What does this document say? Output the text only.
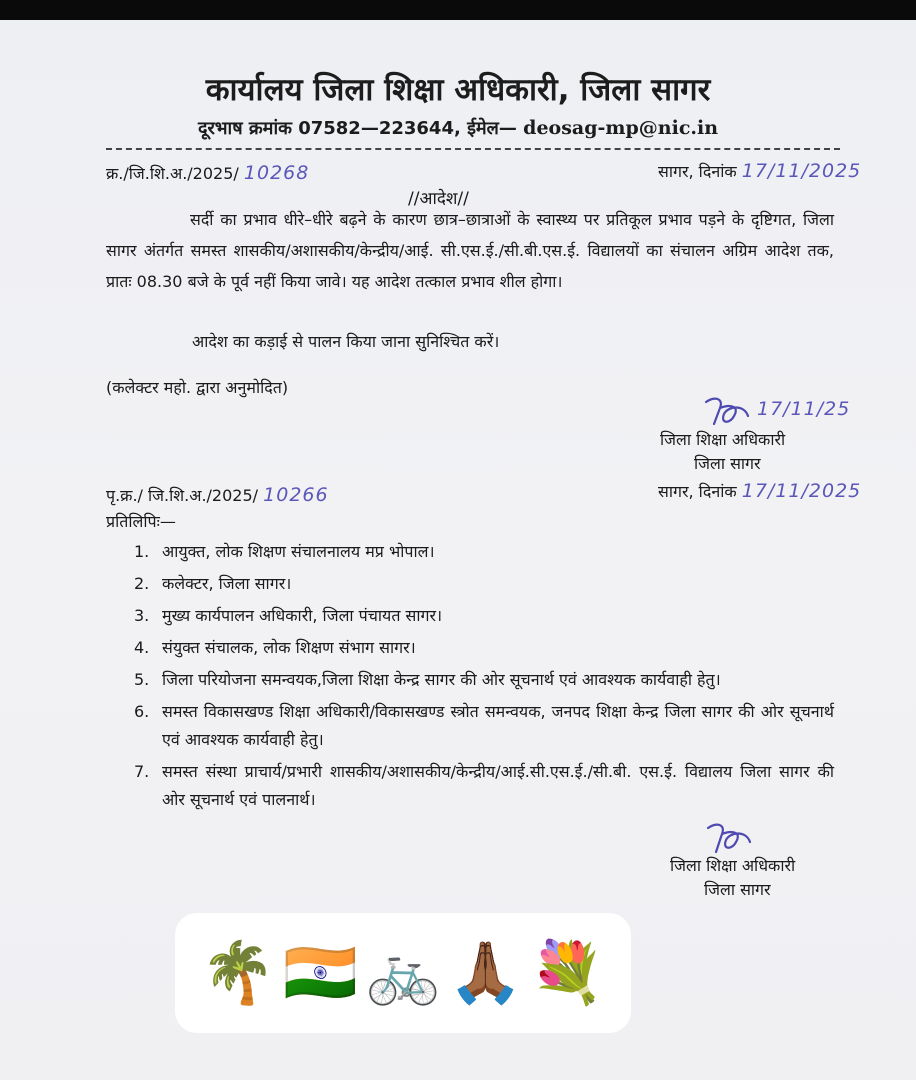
कार्यालय जिला शिक्षा अधिकारी, जिला सागर
दूरभाष क्रमांक 07582—223644, ईमेल— deosag-mp@nic.in
क्र./जि.शि.अ./2025/ 10268	सागर, दिनांक 17/11/2025
//आदेश//
सर्दी का प्रभाव धीरे–धीरे बढ़ने के कारण छात्र–छात्राओं के स्वास्थ्य पर प्रतिकूल प्रभाव पड़ने के दृष्टिगत, जिला सागर अंतर्गत समस्त शासकीय/अशासकीय/केन्द्रीय/आई. सी.एस.ई./सी.बी.एस.ई. विद्यालयों का संचालन अग्रिम आदेश तक, प्रातः 08.30 बजे के पूर्व नहीं किया जावे। यह आदेश तत्काल प्रभाव शील होगा।
आदेश का कड़ाई से पालन किया जाना सुनिश्चित करें।
(कलेक्टर महो. द्वारा अनुमोदित)
17/11/25
जिला शिक्षा अधिकारी
जिला सागर
पृ.क्र./ जि.शि.अ./2025/ 10266	सागर, दिनांक 17/11/2025
प्रतिलिपिः—
1. आयुक्त, लोक शिक्षण संचालनालय मप्र भोपाल।
2. कलेक्टर, जिला सागर।
3. मुख्य कार्यपालन अधिकारी, जिला पंचायत सागर।
4. संयुक्त संचालक, लोक शिक्षण संभाग सागर।
5. जिला परियोजना समन्वयक,जिला शिक्षा केन्द्र सागर की ओर सूचनार्थ एवं आवश्यक कार्यवाही हेतु।
6. समस्त विकासखण्ड शिक्षा अधिकारी/विकासखण्ड स्त्रोत समन्वयक, जनपद शिक्षा केन्द्र जिला सागर की ओर सूचनार्थ एवं आवश्यक कार्यवाही हेतु।
7. समस्त संस्था प्राचार्य/प्रभारी शासकीय/अशासकीय/केन्द्रीय/आई.सी.एस.ई./सी.बी. एस.ई. विद्यालय जिला सागर की ओर सूचनार्थ एवं पालनार्थ।
जिला शिक्षा अधिकारी
जिला सागर
🌴 🇮🇳 🚲 🙏🏾 💐
